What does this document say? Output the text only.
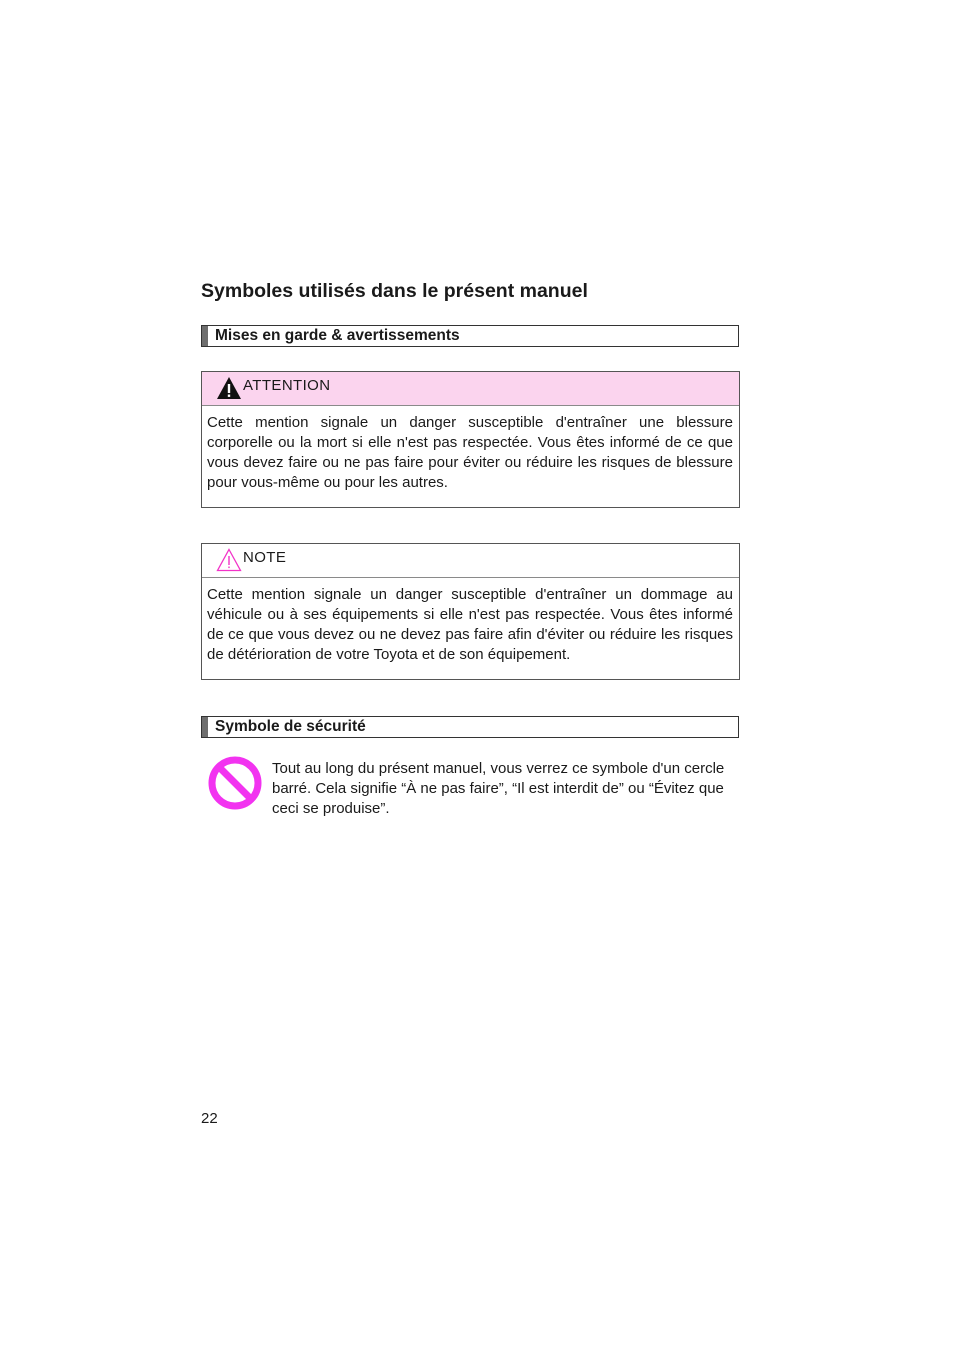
Symboles utilisés dans le présent manuel
Mises en garde & avertissements
ATTENTION
Cette mention signale un danger susceptible d'entraîner une blessure corporelle ou la mort si elle n'est pas respectée. Vous êtes informé de ce que vous devez faire ou ne pas faire pour éviter ou réduire les risques de blessure pour vous-même ou pour les autres.
NOTE
Cette mention signale un danger susceptible d'entraîner un dommage au véhicule ou à ses équipements si elle n'est pas respectée. Vous êtes informé de ce que vous devez ou ne devez pas faire afin d'éviter ou réduire les risques de détérioration de votre Toyota et de son équipement.
Symbole de sécurité
Tout au long du présent manuel, vous verrez ce symbole d'un cercle barré. Cela signifie “À ne pas faire”, “Il est interdit de” ou “Évitez que ceci se produise”.
22
